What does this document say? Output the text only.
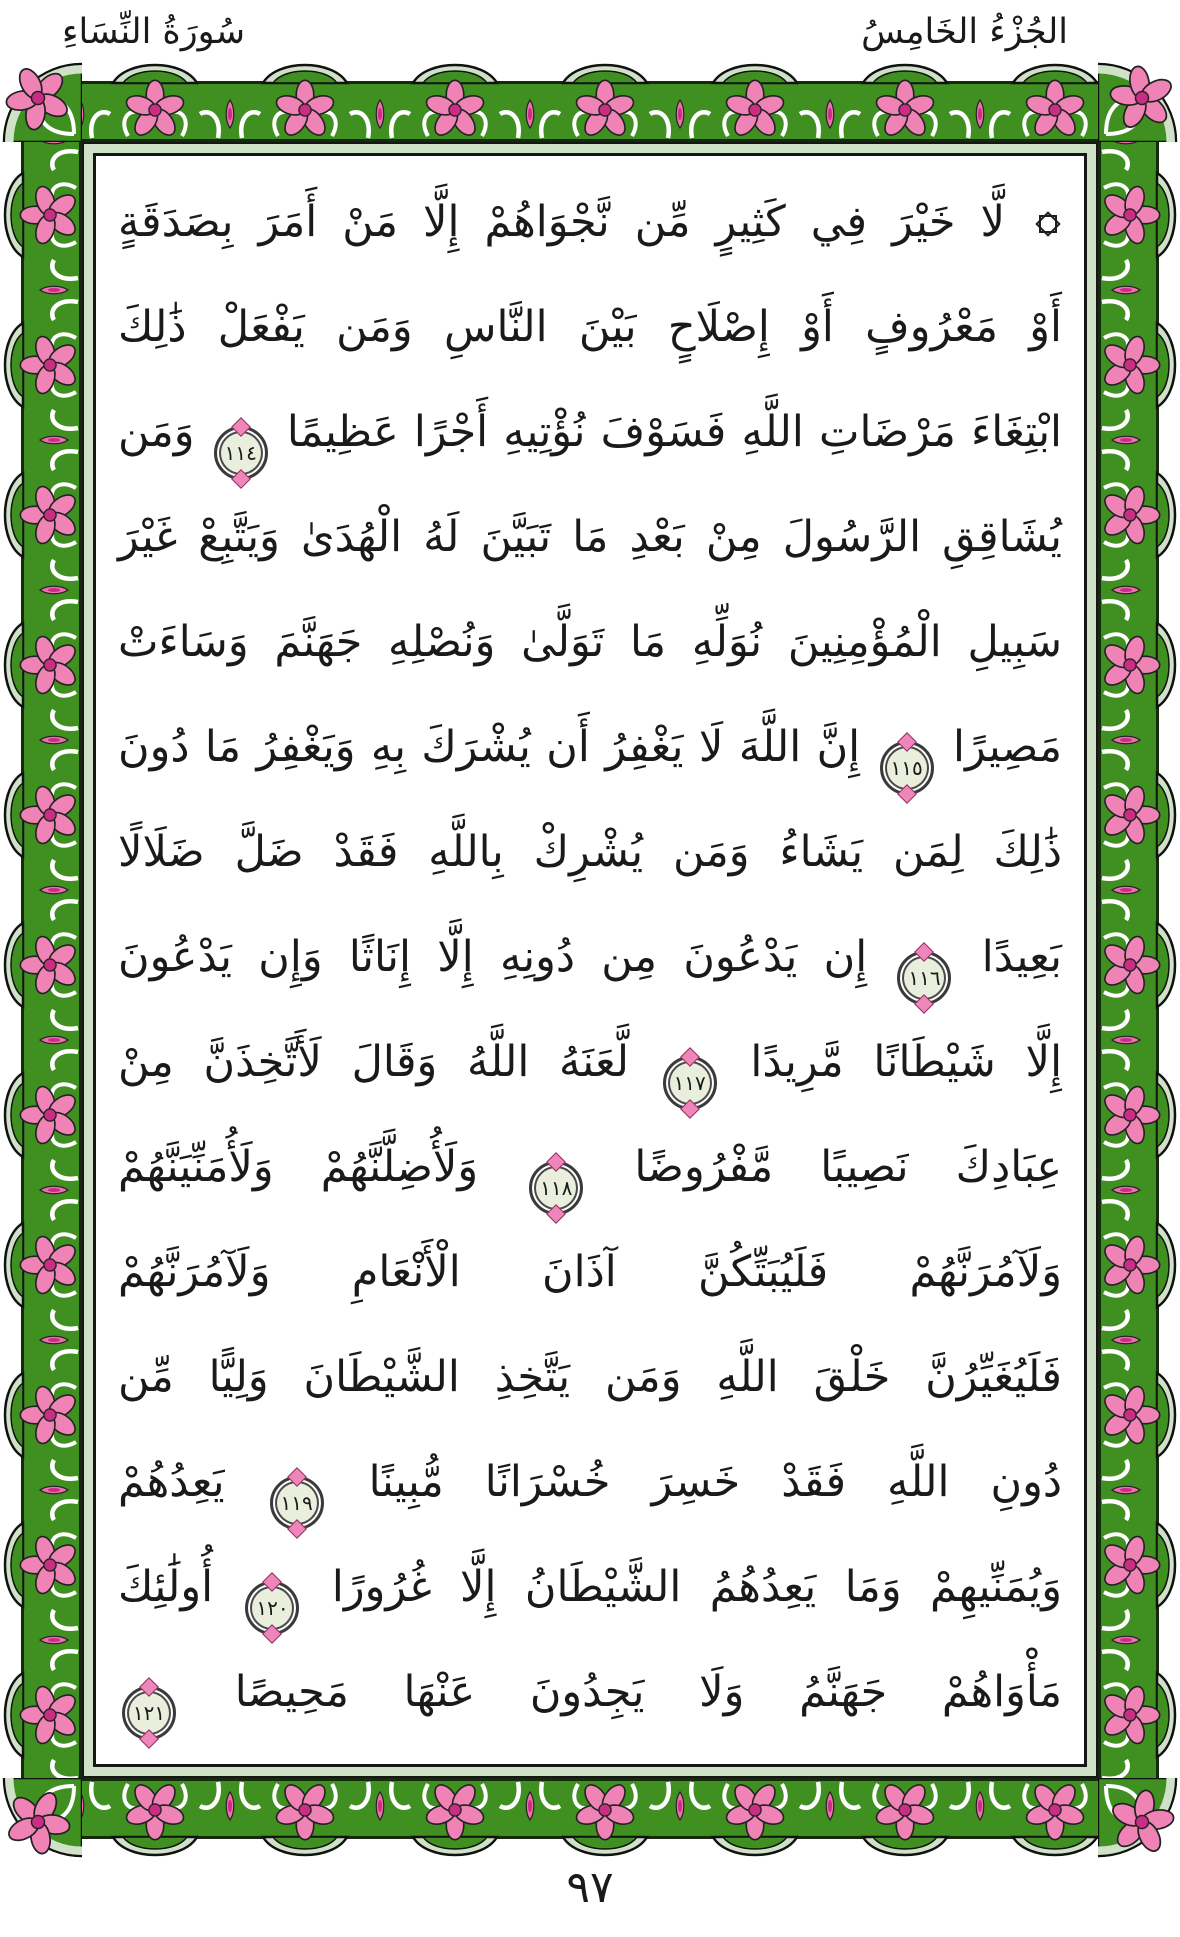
الجُزْءُ الخَامِسُ
سُورَةُ النِّسَاءِ
لَّا خَيْرَ فِي كَثِيرٍ مِّن نَّجْوَاهُمْ إِلَّا مَنْ أَمَرَ بِصَدَقَةٍ
أَوْ مَعْرُوفٍ أَوْ إِصْلَاحٍ بَيْنَ النَّاسِ وَمَن يَفْعَلْ ذَٰلِكَ
ابْتِغَاءَ مَرْضَاتِ اللَّهِ فَسَوْفَ نُؤْتِيهِ أَجْرًا عَظِيمًا ١١٤ وَمَن
يُشَاقِقِ الرَّسُولَ مِنْ بَعْدِ مَا تَبَيَّنَ لَهُ الْهُدَىٰ وَيَتَّبِعْ غَيْرَ
سَبِيلِ الْمُؤْمِنِينَ نُوَلِّهِ مَا تَوَلَّىٰ وَنُصْلِهِ جَهَنَّمَ وَسَاءَتْ
مَصِيرًا ١١٥ إِنَّ اللَّهَ لَا يَغْفِرُ أَن يُشْرَكَ بِهِ وَيَغْفِرُ مَا دُونَ
ذَٰلِكَ لِمَن يَشَاءُ وَمَن يُشْرِكْ بِاللَّهِ فَقَدْ ضَلَّ ضَلَالًا
بَعِيدًا ١١٦ إِن يَدْعُونَ مِن دُونِهِ إِلَّا إِنَاثًا وَإِن يَدْعُونَ
إِلَّا شَيْطَانًا مَّرِيدًا ١١٧ لَّعَنَهُ اللَّهُ وَقَالَ لَأَتَّخِذَنَّ مِنْ
عِبَادِكَ نَصِيبًا مَّفْرُوضًا ١١٨ وَلَأُضِلَّنَّهُمْ وَلَأُمَنِّيَنَّهُمْ
وَلَآمُرَنَّهُمْ فَلَيُبَتِّكُنَّ آذَانَ الْأَنْعَامِ وَلَآمُرَنَّهُمْ
فَلَيُغَيِّرُنَّ خَلْقَ اللَّهِ وَمَن يَتَّخِذِ الشَّيْطَانَ وَلِيًّا مِّن
دُونِ اللَّهِ فَقَدْ خَسِرَ خُسْرَانًا مُّبِينًا ١١٩ يَعِدُهُمْ
وَيُمَنِّيهِمْ وَمَا يَعِدُهُمُ الشَّيْطَانُ إِلَّا غُرُورًا ١٢٠ أُولَٰئِكَ
مَأْوَاهُمْ جَهَنَّمُ وَلَا يَجِدُونَ عَنْهَا مَحِيصًا ١٢١
٩٧
